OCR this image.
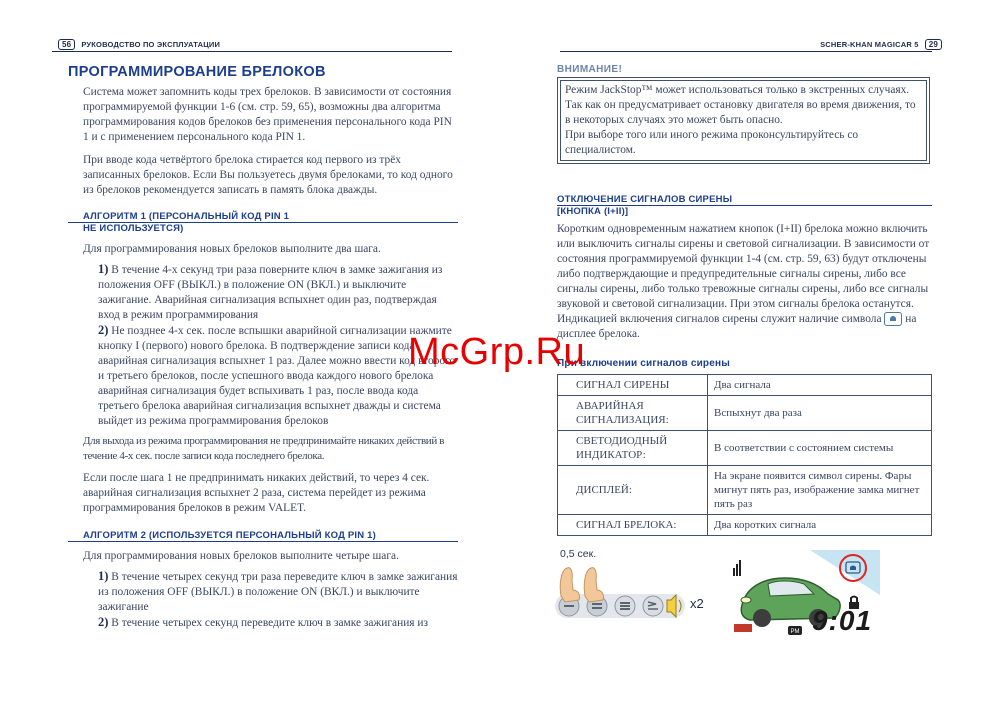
56 РУКОВОДСТВО ПО ЭКСПЛУАТАЦИИ	SCHER-KHAN MAGICAR 5 29
ПРОГРАММИРОВАНИЕ БРЕЛОКОВ
Система может запомнить коды трех брелоков. В зависимости от состояния программируемой функции 1-6 (см. стр. 59, 65), возможны два алгоритма программирования кодов брелоков без применения персонального кода PIN 1 и с применением персонального кода PIN 1.
При вводе кода четвёртого брелока стирается код первого из трёх записанных брелоков. Если Вы пользуетесь двумя брелоками, то код одного из брелоков рекомендуется записать в память блока дважды.
АЛГОРИТМ 1 (ПЕРСОНАЛЬНЫЙ КОД PIN 1
НЕ ИСПОЛЬЗУЕТСЯ)
Для программирования новых брелоков выполните два шага.
1) В течение 4-х секунд три раза поверните ключ в замке зажигания из положения OFF (ВЫКЛ.) в положение ON (ВКЛ.) и выключите зажигание. Аварийная сигнализация вспыхнет один раз, подтверждая вход в режим программирования
2) Не позднее 4-х сек. после вспышки аварийной сигнализации нажмите кнопку I (первого) нового брелока. В подтверждение записи кода аварийная сигнализация вспыхнет 1 раз. Далее можно ввести код второго и третьего брелоков, после успешного ввода каждого нового брелока аварийная сигнализация будет вспыхивать 1 раз, после ввода кода третьего брелока аварийная сигнализация вспыхнет дважды и система выйдет из режима программирования брелоков
Для выхода из режима программирования не предпринимайте никаких действий в течение 4-х сек. после записи кода последнего брелока.
Если после шага 1 не предпринимать никаких действий, то через 4 сек. аварийная сигнализация вспыхнет 2 раза, система перейдет из режима программирования брелоков в режим VALET.
АЛГОРИТМ 2 (ИСПОЛЬЗУЕТСЯ ПЕРСОНАЛЬНЫЙ КОД PIN 1)
Для программирования новых брелоков выполните четыре шага.
1) В течение четырех секунд три раза переведите ключ в замке зажигания из положения OFF (ВЫКЛ.) в положение ON (ВКЛ.) и выключите зажигание
2) В течение четырех секунд переведите ключ в замке зажигания из
ВНИМАНИЕ!
Режим JackStop™ может использоваться только в экстренных случаях. Так как он предусматривает остановку двигателя во время движения, то в некоторых случаях это может быть опасно.
При выборе того или иного режима проконсультируйтесь со специалистом.
ОТКЛЮЧЕНИЕ СИГНАЛОВ СИРЕНЫ
[КНОПКА (I+II)]
Коротким одновременным нажатием кнопок (I+II) брелока можно включить или выключить сигналы сирены и световой сигнализации. В зависимости от состояния программируемой функции 1-4 (см. стр. 59, 63) будут отключены либо подтверждающие и предупредительные сигналы сирены, либо все сигналы сирены, либо только тревожные сигналы сирены, либо все сигналы звуковой и световой сигнализации. При этом сигналы брелока останутся. Индикацией включения сигналов сирены служит наличие символа  на дисплее брелока.
При включении сигналов сирены
СИГНАЛ СИРЕНЫ	Два сигнала
АВАРИЙНАЯ СИГНАЛИЗАЦИЯ:	Вспыхнут два раза
СВЕТОДИОДНЫЙ ИНДИКАТОР:	В соответствии с состоянием системы
ДИСПЛЕЙ:	На экране появится символ сирены. Фары мигнут пять раз, изображение замка мигнет пять раз
СИГНАЛ БРЕЛОКА:	Два коротких сигнала
0,5 сек.
x2
PM 9:01
McGrp.Ru
